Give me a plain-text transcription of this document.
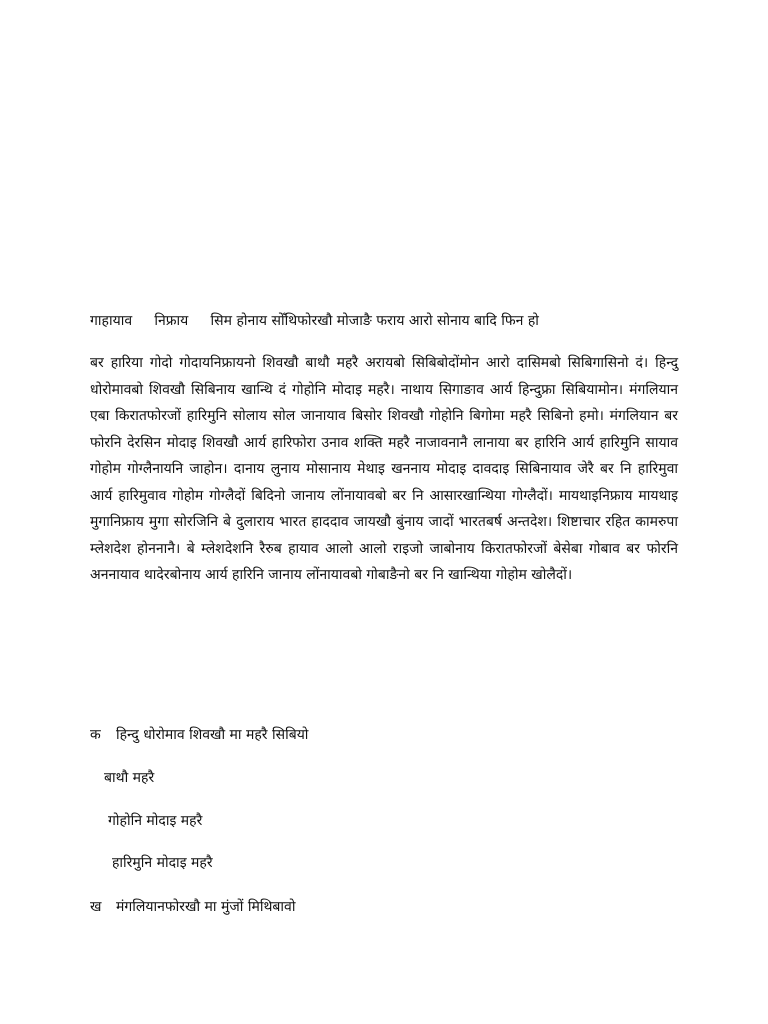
गाहायाव     निफ्राय     सिम होनाय सोँथिफोरखौ मोजाङै फराय आरो सोनाय बादि फिन हो
बर हारिया गोदो गोदायनिफ्रायनो शिवखौ बाथौ महरै अरायबो सिबिबोदोंमोन आरो दासिमबो सिबिगासिनो दं। हिन्दु धोरोमावबो शिवखौ सिबिनाय खान्थि दं गोहोनि मोदाइ महरै। नाथाय सिगाङाव आर्य हिन्दुफ्रा सिबियामोन। मंगलियान एबा किरातफोरजों हारिमुनि सोलाय सोल जानायाव बिसोर शिवखौ गोहोनि बिगोमा महरै सिबिनो हमो। मंगलियान बर फोरनि देरसिन मोदाइ शिवखौ आर्य हारिफोरा उनाव शक्ति महरै नाजावनानै लानाया बर हारिनि आर्य हारिमुनि सायाव गोहोम गोग्लैनायनि जाहोन। दानाय लुनाय मोसानाय मेथाइ खननाय मोदाइ दावदाइ सिबिनायाव जेरै बर नि हारिमुवा आर्य हारिमुवाव गोहोम गोग्लैदों बिदिनो जानाय लोंनायावबो बर नि आसारखान्थिया गोग्लैदों। मायथाइनिफ्राय मायथाइ मुगानिफ्राय मुगा सोरजिनि बे दुलाराय भारत हाददाव जायखौ बुंनाय जादों भारतबर्ष अन्तदेश। शिष्टाचार रहित कामरुपा म्लेशदेश होननानै। बे म्लेशदेशनि रैरुब हायाव आलो आलो राइजो जाबोनाय किरातफोरजों बेसेबा गोबाव बर फोरनि अननायाव थादेरबोनाय आर्य हारिनि जानाय लोंनायावबो गोबाङैनो बर नि खान्थिया गोहोम खोलैदों।
क हिन्दु धोरोमाव शिवखौ मा महरै सिबियो
बाथौ महरै
गोहोनि मोदाइ महरै
हारिमुनि मोदाइ महरै
ख मंगलियानफोरखौ मा मुंजों मिथिबावो
